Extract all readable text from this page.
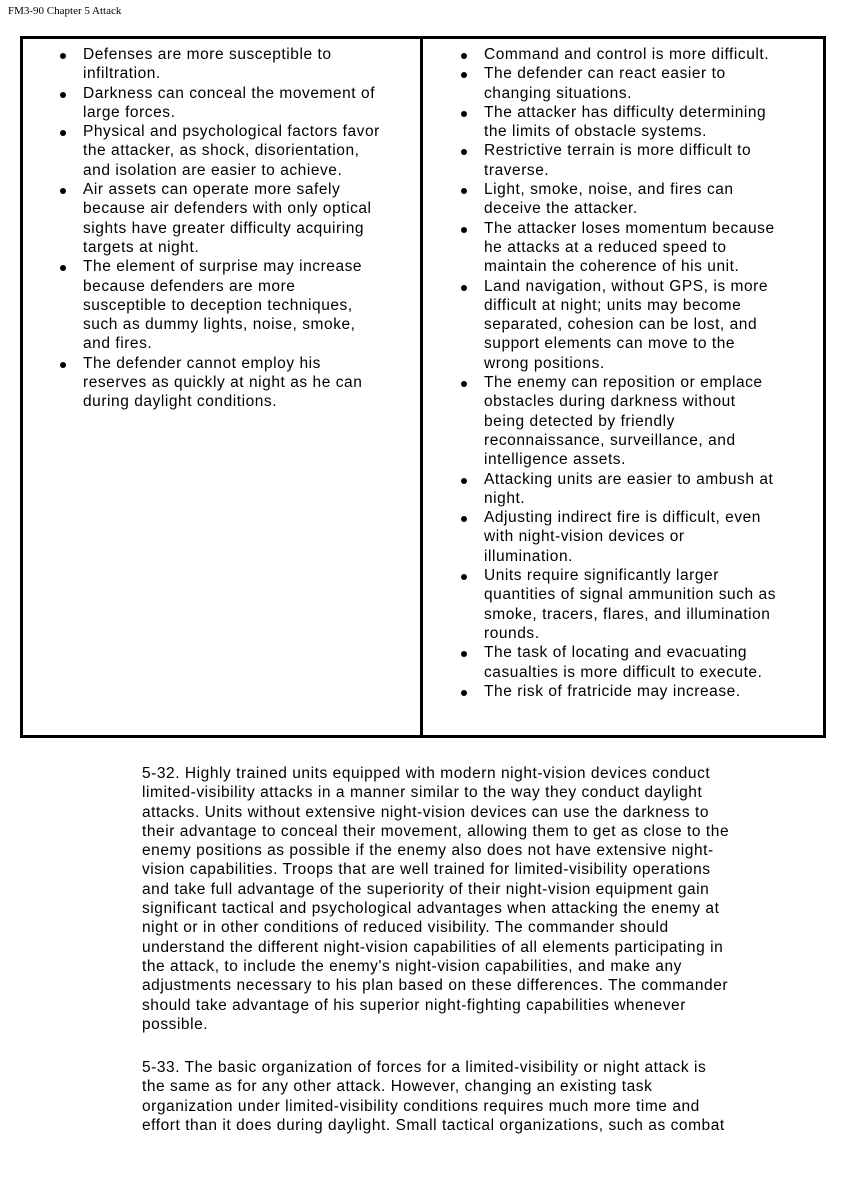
FM3-90 Chapter 5 Attack
Defenses are more susceptible to
infiltration.
Darkness can conceal the movement of
large forces.
Physical and psychological factors favor
the attacker, as shock, disorientation,
and isolation are easier to achieve.
Air assets can operate more safely
because air defenders with only optical
sights have greater difficulty acquiring
targets at night.
The element of surprise may increase
because defenders are more
susceptible to deception techniques,
such as dummy lights, noise, smoke,
and fires.
The defender cannot employ his
reserves as quickly at night as he can
during daylight conditions.
Command and control is more difficult.
The defender can react easier to
changing situations.
The attacker has difficulty determining
the limits of obstacle systems.
Restrictive terrain is more difficult to
traverse.
Light, smoke, noise, and fires can
deceive the attacker.
The attacker loses momentum because
he attacks at a reduced speed to
maintain the coherence of his unit.
Land navigation, without GPS, is more
difficult at night; units may become
separated, cohesion can be lost, and
support elements can move to the
wrong positions.
The enemy can reposition or emplace
obstacles during darkness without
being detected by friendly
reconnaissance, surveillance, and
intelligence assets.
Attacking units are easier to ambush at
night.
Adjusting indirect fire is difficult, even
with night-vision devices or
illumination.
Units require significantly larger
quantities of signal ammunition such as
smoke, tracers, flares, and illumination
rounds.
The task of locating and evacuating
casualties is more difficult to execute.
The risk of fratricide may increase.

5-32. Highly trained units equipped with modern night-vision devices conduct
limited-visibility attacks in a manner similar to the way they conduct daylight
attacks. Units without extensive night-vision devices can use the darkness to
their advantage to conceal their movement, allowing them to get as close to the
enemy positions as possible if the enemy also does not have extensive night-
vision capabilities. Troops that are well trained for limited-visibility operations
and take full advantage of the superiority of their night-vision equipment gain
significant tactical and psychological advantages when attacking the enemy at
night or in other conditions of reduced visibility. The commander should
understand the different night-vision capabilities of all elements participating in
the attack, to include the enemy's night-vision capabilities, and make any
adjustments necessary to his plan based on these differences. The commander
should take advantage of his superior night-fighting capabilities whenever
possible.

5-33. The basic organization of forces for a limited-visibility or night attack is
the same as for any other attack. However, changing an existing task
organization under limited-visibility conditions requires much more time and
effort than it does during daylight. Small tactical organizations, such as combat
